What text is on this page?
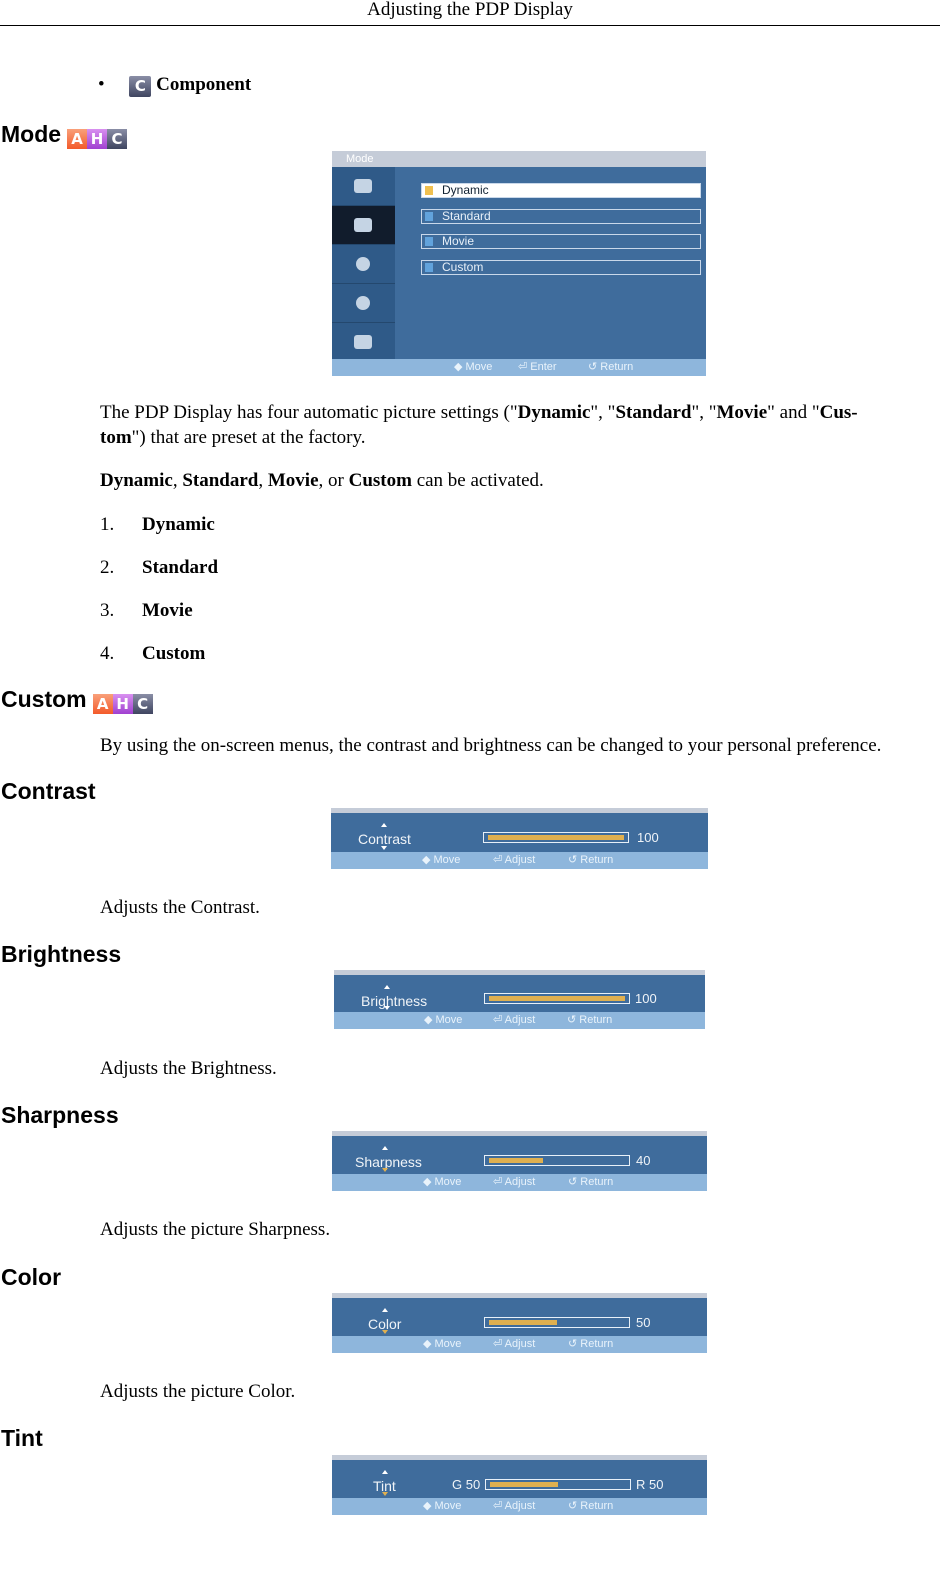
Adjusting the PDP Display
• C Component
Mode A H C
Mode
Dynamic
Standard
Movie
Custom
◆ Move ⏎ Enter	↺ Return
The PDP Display has four automatic picture settings ("Dynamic", "Standard", "Movie" and "Cus-
tom") that are preset at the factory.
Dynamic, Standard, Movie, or Custom can be activated.
1. Dynamic
2. Standard
3. Movie
4. Custom
Custom A H C
By using the on-screen menus, the contrast and brightness can be changed to your personal preference.
Contrast
Contrast	100
◆ Move	⏎ Adjust	↺ Return
Adjusts the Contrast.
Brightness
Brightness	100
◆ Move	⏎ Adjust	↺ Return
Adjusts the Brightness.
Sharpness
Sharpness	40
◆ Move	⏎ Adjust	↺ Return
Adjusts the picture Sharpness.
Color
Color	50
◆ Move	⏎ Adjust	↺ Return
Adjusts the picture Color.
Tint
Tint	G 50	R 50
◆ Move	⏎ Adjust	↺ Return
